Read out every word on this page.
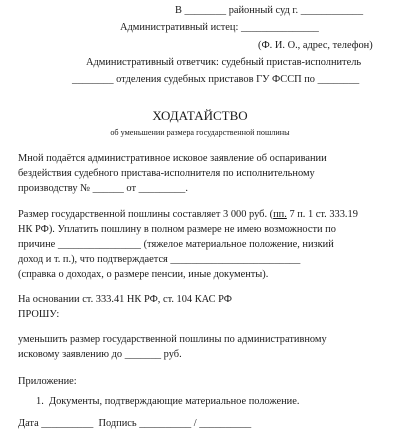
В ________ районный суд г. ____________
Административный истец: _______________
(Ф. И. О., адрес, телефон)
Административный ответчик: судебный пристав-исполнитель
________ отделения судебных приставов ГУ ФССП по ________
ХОДАТАЙСТВО
об уменьшении размера государственной пошлины
Мной подаётся административное исковое заявление об оспаривании
бездействия судебного пристава-исполнителя по исполнительному
производству № ______ от _________.
Размер государственной пошлины составляет 3 000 руб. (пп. 7 п. 1 ст. 333.19
НК РФ). Уплатить пошлину в полном размере не имею возможности по
причине ________________ (тяжелое материальное положение, низкий
доход и т. п.), что подтверждается _________________________
(справка о доходах, о размере пенсии, иные документы).
На основании ст. 333.41 НК РФ, ст. 104 КАС РФ
ПРОШУ:
уменьшить размер государственной пошлины по административному
исковому заявлению до _______ руб.
Приложение:
1.  Документы, подтверждающие материальное положение.
Дата __________  Подпись __________ / __________
